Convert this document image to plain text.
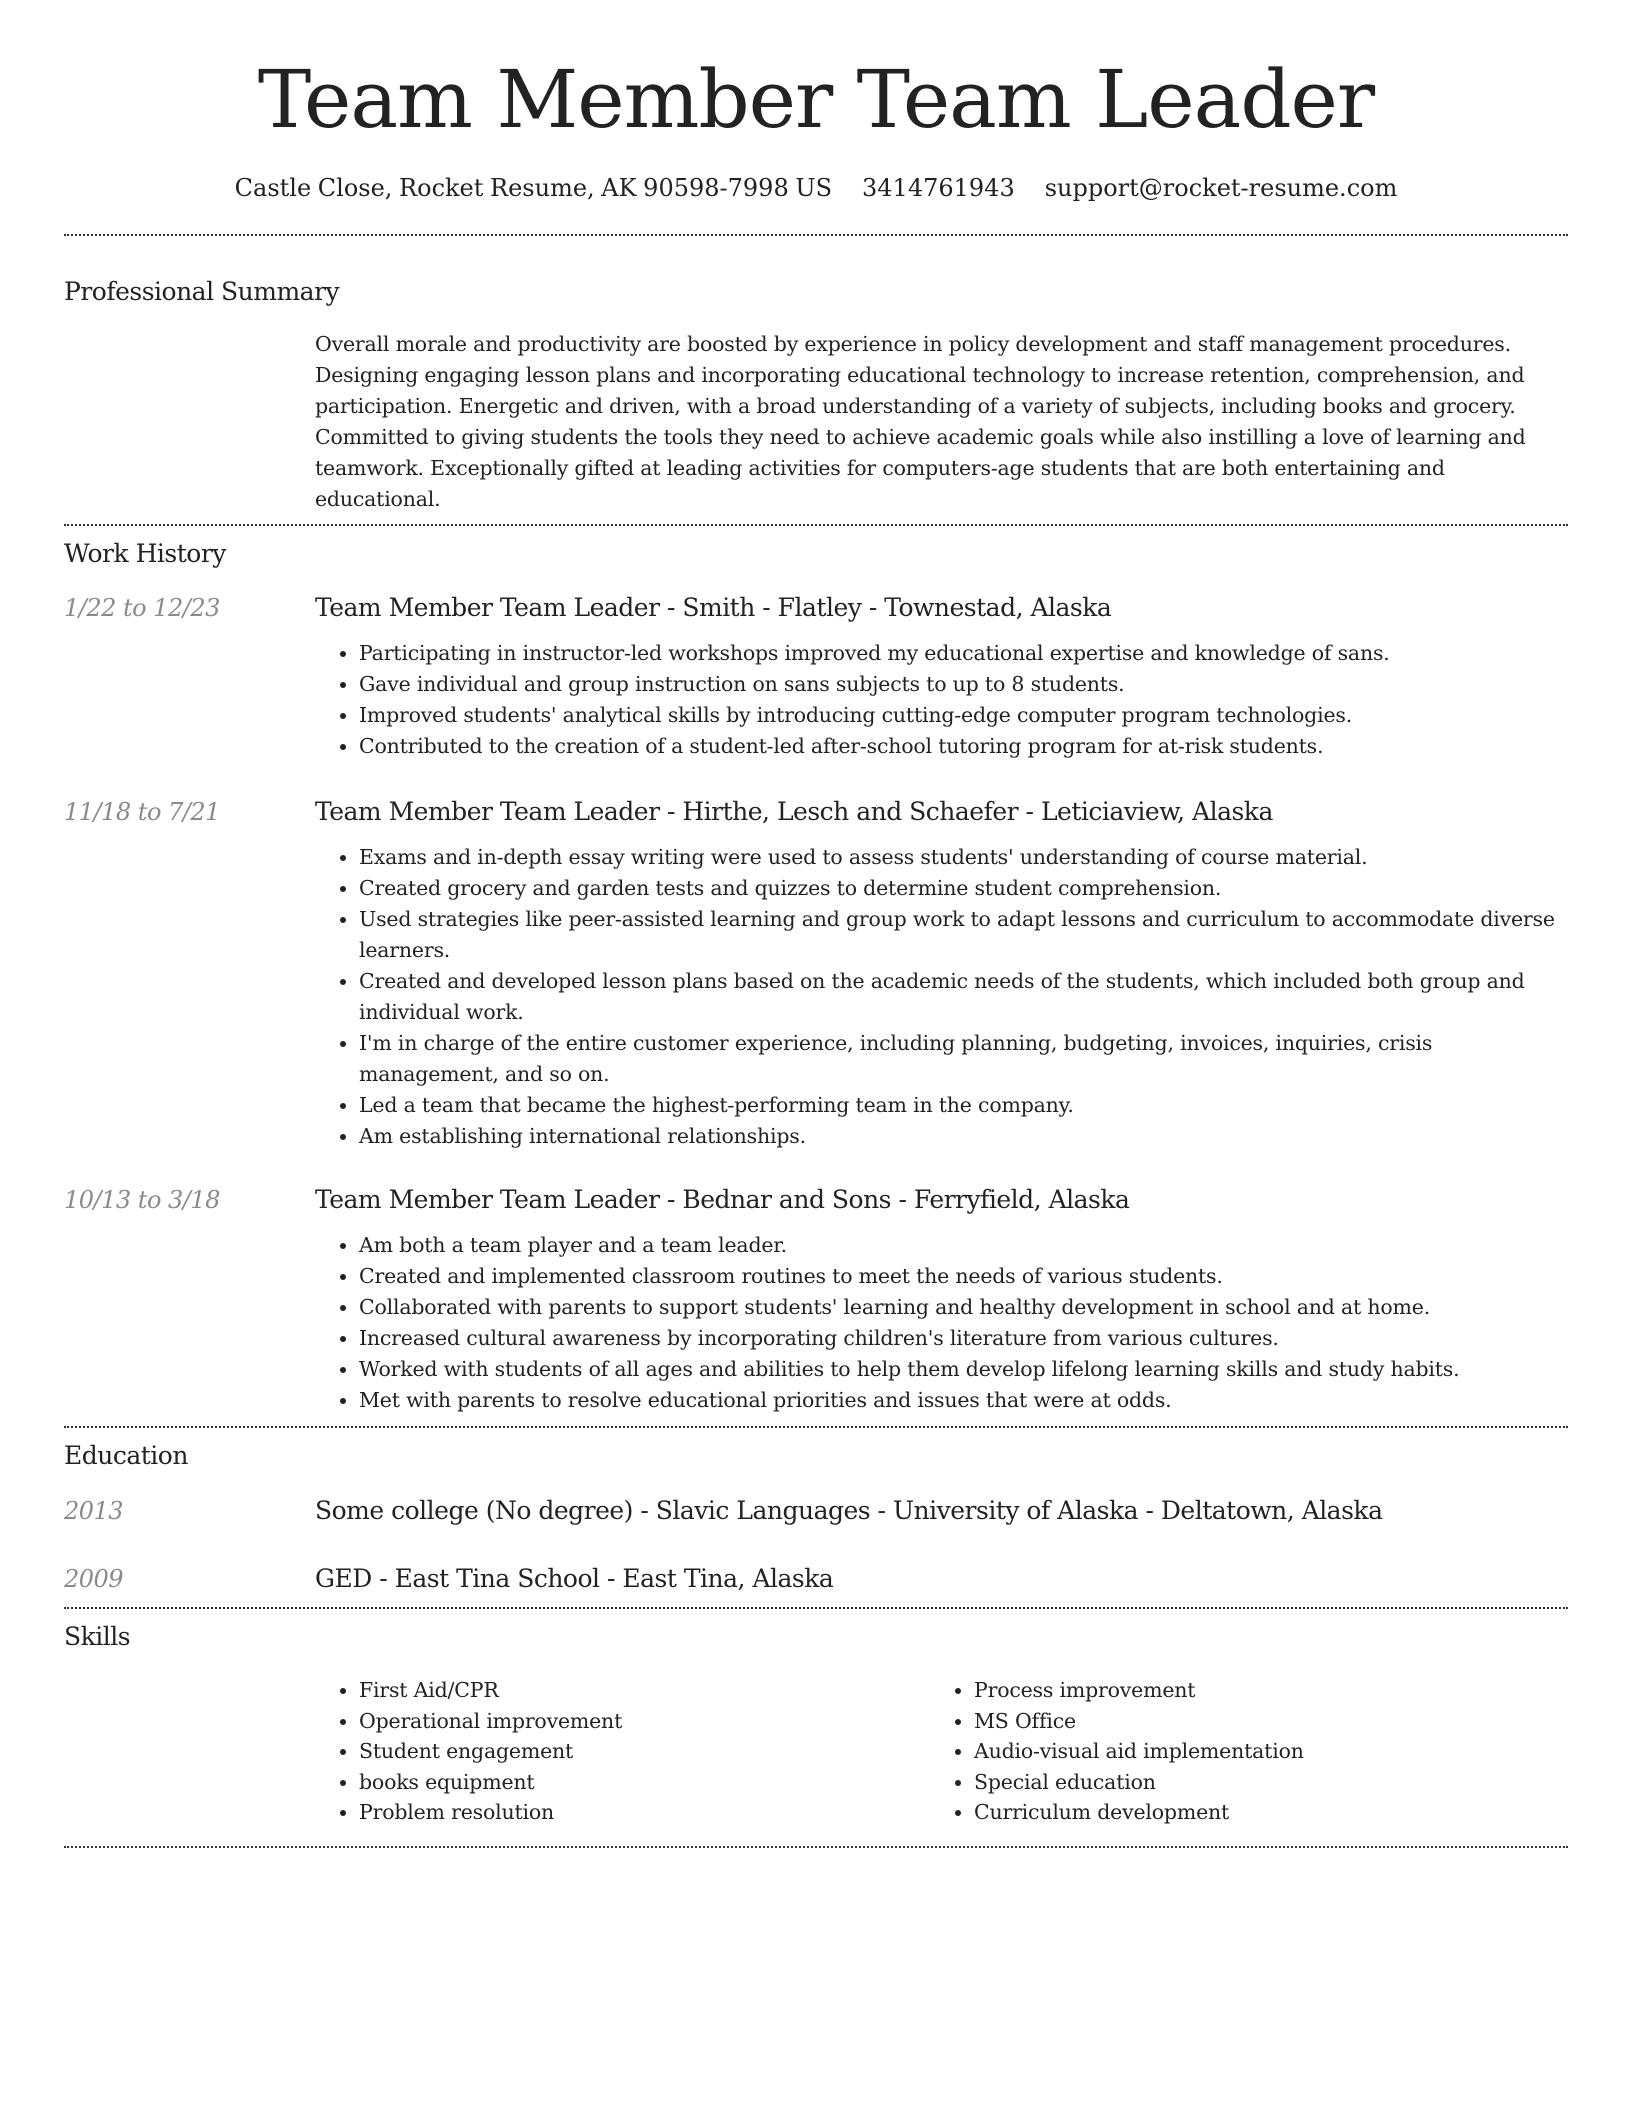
Team Member Team Leader
Castle Close, Rocket Resume, AK 90598-7998 US 3414761943 support@rocket-resume.com
Professional Summary
Overall morale and productivity are boosted by experience in policy development and staff management procedures. Designing engaging lesson plans and incorporating educational technology to increase retention, comprehension, and participation. Energetic and driven, with a broad understanding of a variety of subjects, including books and grocery. Committed to giving students the tools they need to achieve academic goals while also instilling a love of learning and teamwork. Exceptionally gifted at leading activities for computers-age students that are both entertaining and educational.
Work History
1/22 to 12/23	Team Member Team Leader - Smith - Flatley - Townestad, Alaska
• Participating in instructor-led workshops improved my educational expertise and knowledge of sans.
• Gave individual and group instruction on sans subjects to up to 8 students.
• Improved students' analytical skills by introducing cutting-edge computer program technologies.
• Contributed to the creation of a student-led after-school tutoring program for at-risk students.
11/18 to 7/21	Team Member Team Leader - Hirthe, Lesch and Schaefer - Leticiaview, Alaska
• Exams and in-depth essay writing were used to assess students' understanding of course material.
• Created grocery and garden tests and quizzes to determine student comprehension.
• Used strategies like peer-assisted learning and group work to adapt lessons and curriculum to accommodate diverse learners.
• Created and developed lesson plans based on the academic needs of the students, which included both group and individual work.
• I'm in charge of the entire customer experience, including planning, budgeting, invoices, inquiries, crisis management, and so on.
• Led a team that became the highest-performing team in the company.
• Am establishing international relationships.
10/13 to 3/18	Team Member Team Leader - Bednar and Sons - Ferryfield, Alaska
• Am both a team player and a team leader.
• Created and implemented classroom routines to meet the needs of various students.
• Collaborated with parents to support students' learning and healthy development in school and at home.
• Increased cultural awareness by incorporating children's literature from various cultures.
• Worked with students of all ages and abilities to help them develop lifelong learning skills and study habits.
• Met with parents to resolve educational priorities and issues that were at odds.
Education
2013	Some college (No degree) - Slavic Languages - University of Alaska - Deltatown, Alaska
2009	GED - East Tina School - East Tina, Alaska
Skills
• First Aid/CPR
• Operational improvement
• Student engagement
• books equipment
• Problem resolution
• Process improvement
• MS Office
• Audio-visual aid implementation
• Special education
• Curriculum development
